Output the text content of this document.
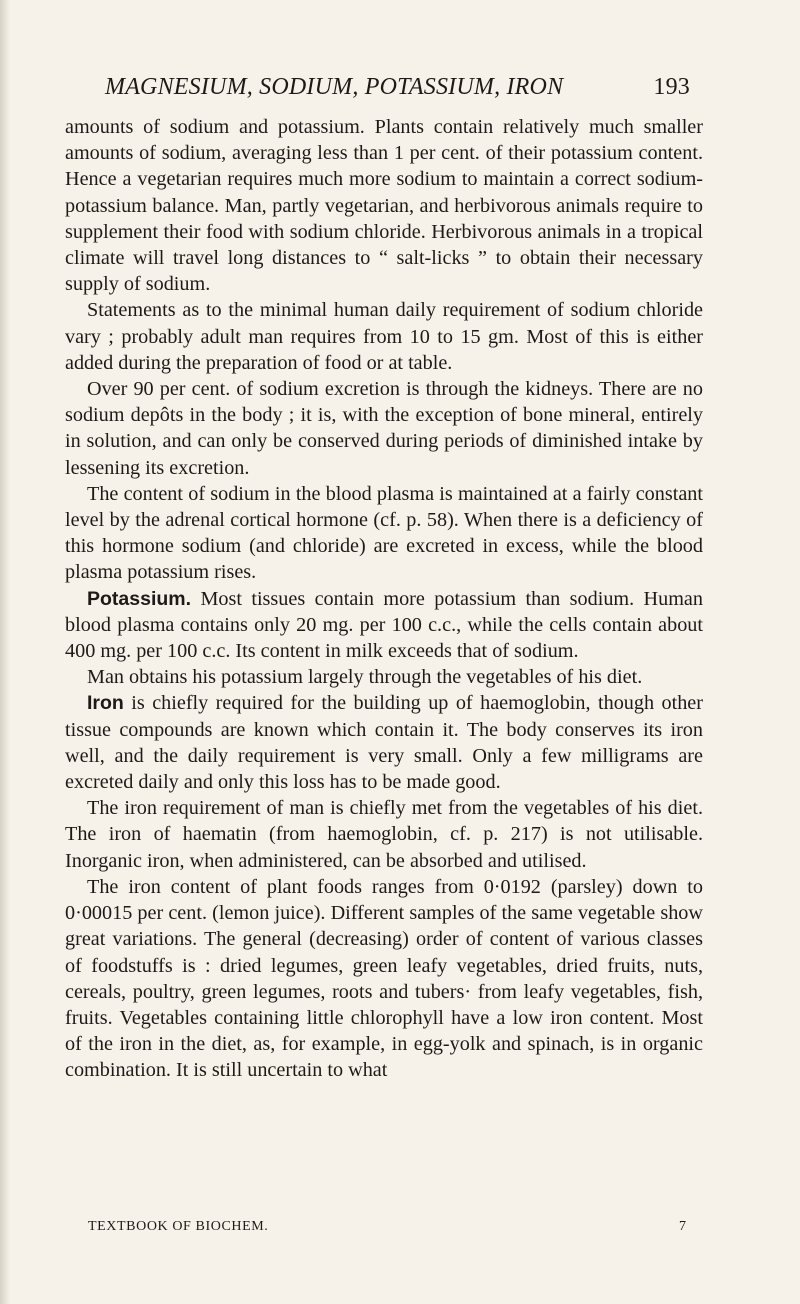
MAGNESIUM, SODIUM, POTASSIUM, IRON	193

amounts of sodium and potassium. Plants contain relatively much smaller amounts of sodium, averaging less than 1 per cent. of their potassium content. Hence a vegetarian requires much more sodium to maintain a correct sodium-potassium balance. Man, partly vegetarian, and herbivorous animals require to supplement their food with sodium chloride. Herbivorous animals in a tropical climate will travel long distances to “ salt-licks ” to obtain their necessary supply of sodium.

Statements as to the minimal human daily requirement of sodium chloride vary ; probably adult man requires from 10 to 15 gm. Most of this is either added during the preparation of food or at table.

Over 90 per cent. of sodium excretion is through the kidneys. There are no sodium depôts in the body ; it is, with the exception of bone mineral, entirely in solution, and can only be conserved during periods of diminished intake by lessening its excretion.

The content of sodium in the blood plasma is maintained at a fairly constant level by the adrenal cortical hormone (cf. p. 58). When there is a deficiency of this hormone sodium (and chloride) are excreted in excess, while the blood plasma potassium rises.

Potassium. Most tissues contain more potassium than sodium. Human blood plasma contains only 20 mg. per 100 c.c., while the cells contain about 400 mg. per 100 c.c. Its content in milk exceeds that of sodium.

Man obtains his potassium largely through the vegetables of his diet.

Iron is chiefly required for the building up of haemoglobin, though other tissue compounds are known which contain it. The body conserves its iron well, and the daily requirement is very small. Only a few milligrams are excreted daily and only this loss has to be made good.

The iron requirement of man is chiefly met from the vegetables of his diet. The iron of haematin (from haemoglobin, cf. p. 217) is not utilisable. Inorganic iron, when administered, can be absorbed and utilised.

The iron content of plant foods ranges from 0·0192 (parsley) down to 0·00015 per cent. (lemon juice). Different samples of the same vegetable show great variations. The general (decreasing) order of content of various classes of foodstuffs is : dried legumes, green leafy vegetables, dried fruits, nuts, cereals, poultry, green legumes, roots and tubers· from leafy vegetables, fish, fruits. Vegetables containing little chlorophyll have a low iron content. Most of the iron in the diet, as, for example, in egg-yolk and spinach, is in organic combination. It is still uncertain to what

TEXTBOOK OF BIOCHEM.	7
